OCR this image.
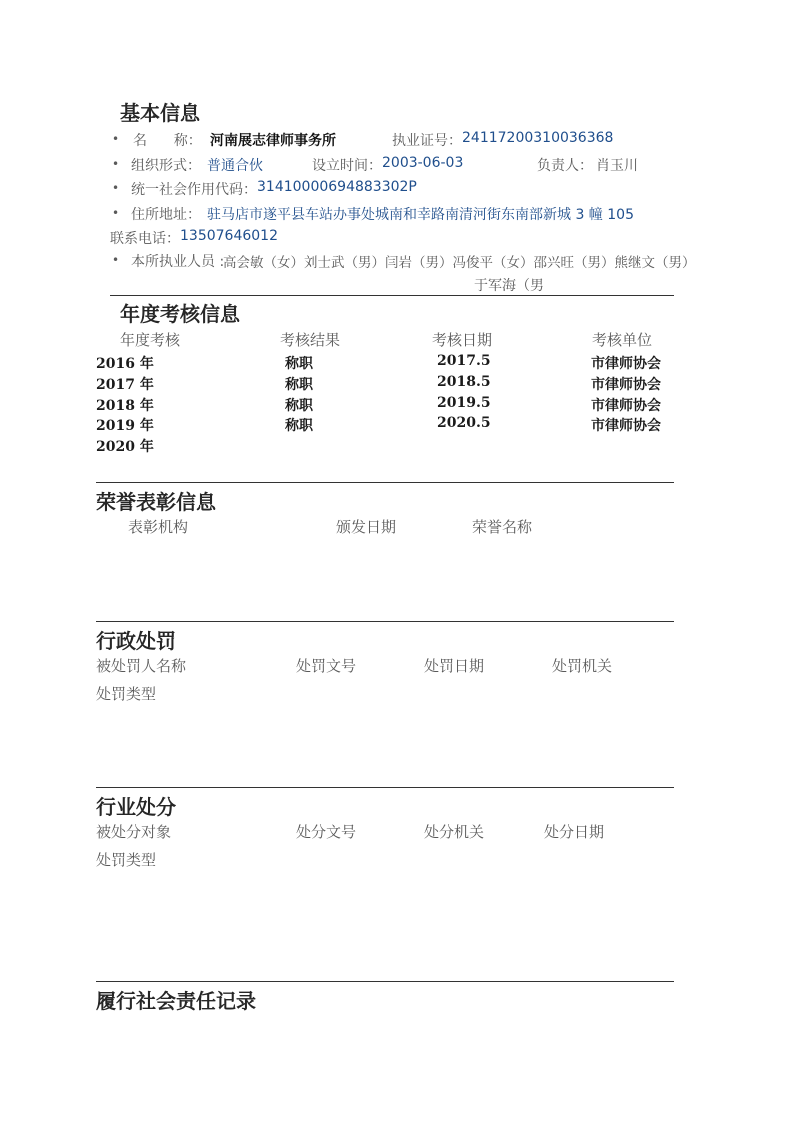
基本信息
• 名      称： 河南展志律师事务所	执业证号： 24117200310036368
• 组织形式： 普通合伙	设立时间： 2003-06-03	负责人： 肖玉川
• 统一社会作用代码： 31410000694883302P
• 住所地址： 驻马店市遂平县车站办事处城南和幸路南清河街东南部新城 3 幢 105
联系电话： 13507646012
• 本所执业人员 :
高会敏（女）刘士武（男）闫岩（男）冯俊平（女）邵兴旺（男）熊继文（男）
于军海（男
年度考核信息
年度考核	考核结果	考核日期	考核单位
2016 年	称职	2017.5	市律师协会
2017 年	称职	2018.5	市律师协会
2018 年	称职	2019.5	市律师协会
2019 年	称职	2020.5	市律师协会
2020 年
荣誉表彰信息
表彰机构	颁发日期	荣誉名称
行政处罚
被处罚人名称	处罚文号	处罚日期	处罚机关
处罚类型
行业处分
被处分对象	处分文号	处分机关	处分日期
处罚类型
履行社会责任记录
